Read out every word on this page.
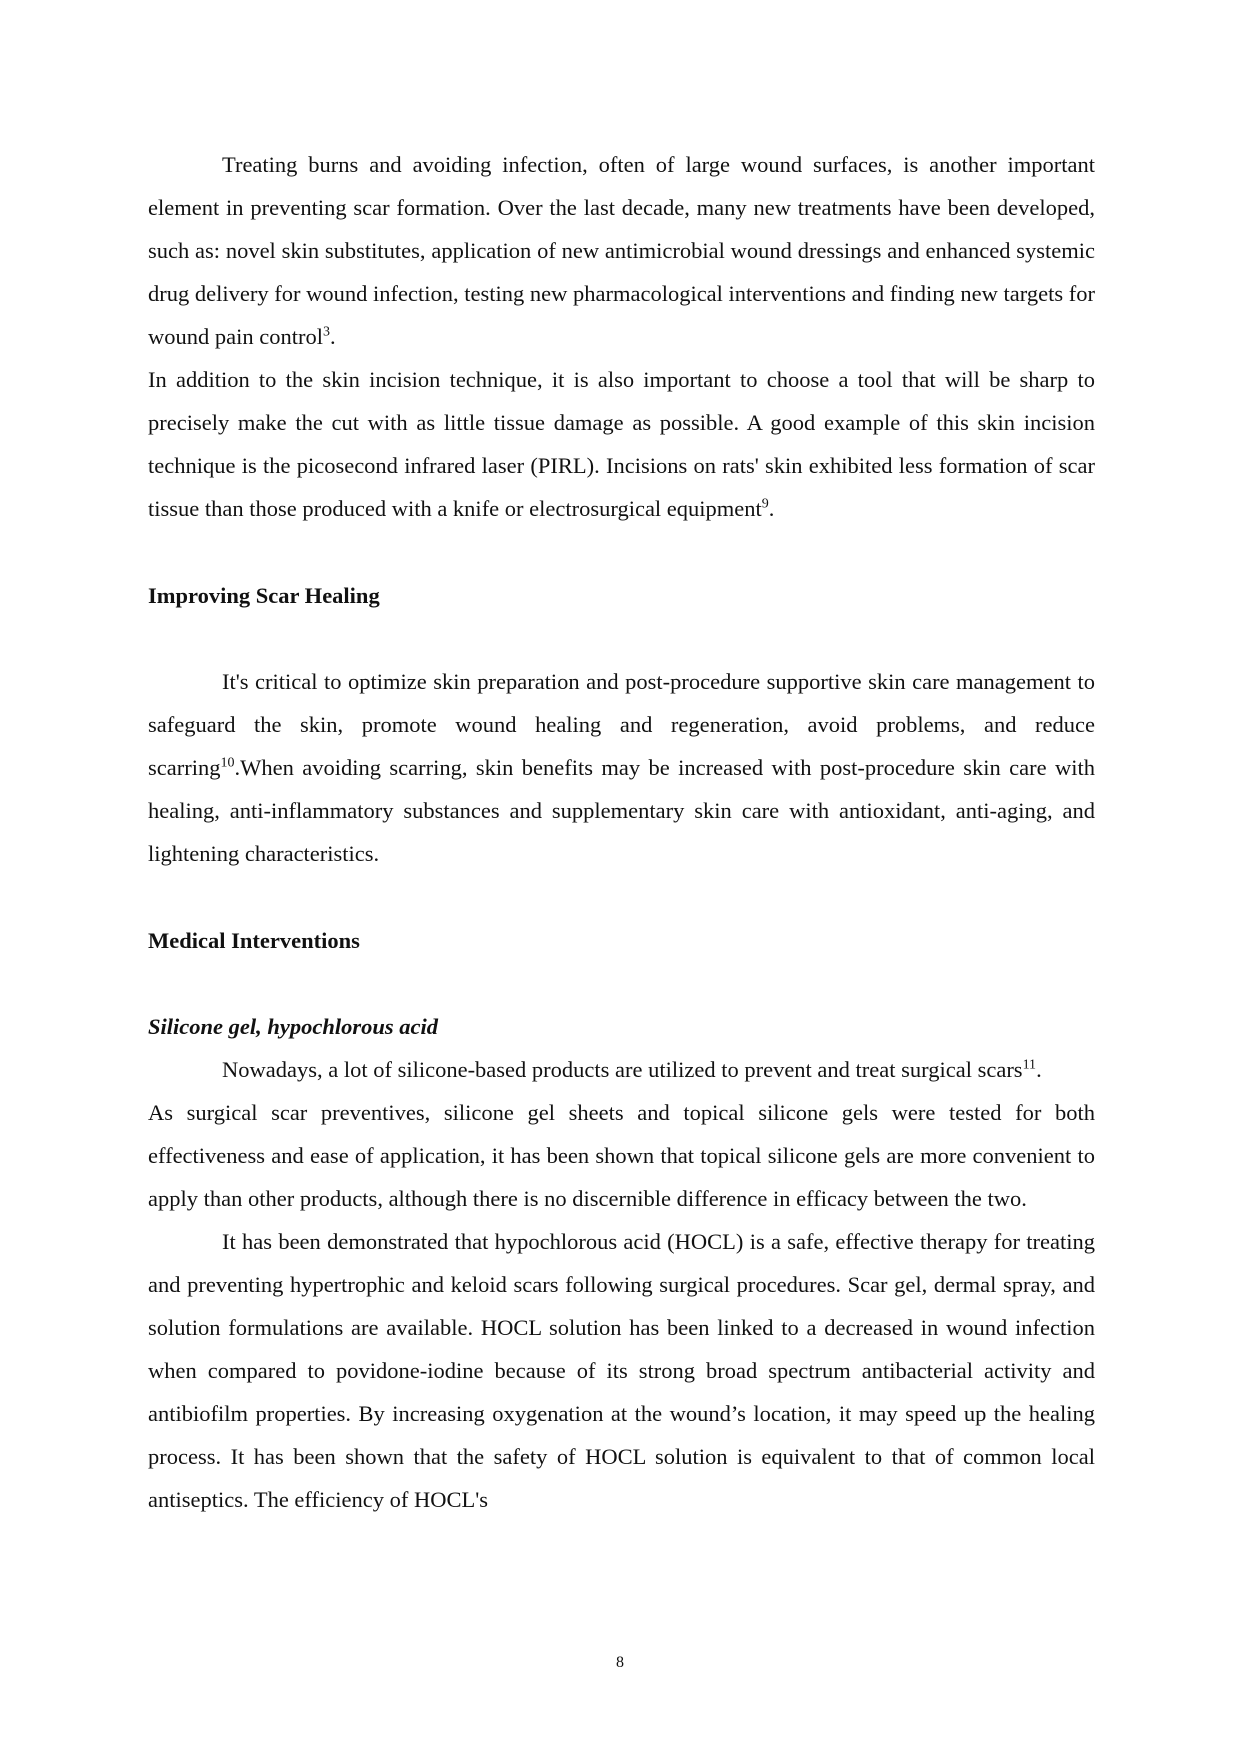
Treating burns and avoiding infection, often of large wound surfaces, is another important element in preventing scar formation. Over the last decade, many new treatments have been developed, such as: novel skin substitutes, application of new antimicrobial wound dressings and enhanced systemic drug delivery for wound infection, testing new pharmacological interventions and finding new targets for wound pain control$^3$.

In addition to the skin incision technique, it is also important to choose a tool that will be sharp to precisely make the cut with as little tissue damage as possible. A good example of this skin incision technique is the picosecond infrared laser (PIRL). Incisions on rats' skin exhibited less formation of scar tissue than those produced with a knife or electrosurgical equipment$^9$.

Improving Scar Healing

It's critical to optimize skin preparation and post-procedure supportive skin care management to safeguard the skin, promote wound healing and regeneration, avoid problems, and reduce scarring$^{10}$.When avoiding scarring, skin benefits may be increased with post-procedure skin care with healing, anti-inflammatory substances and supplementary skin care with antioxidant, anti-aging, and lightening characteristics.

Medical Interventions
Silicone gel, hypochlorous acid

Nowadays, a lot of silicone-based products are utilized to prevent and treat surgical scars$^{11}$.

As surgical scar preventives, silicone gel sheets and topical silicone gels were tested for both effectiveness and ease of application, it has been shown that topical silicone gels are more convenient to apply than other products, although there is no discernible difference in efficacy between the two.

It has been demonstrated that hypochlorous acid (HOCL) is a safe, effective therapy for treating and preventing hypertrophic and keloid scars following surgical procedures. Scar gel, dermal spray, and solution formulations are available. HOCL solution has been linked to a decreased in wound infection when compared to povidone-iodine because of its strong broad spectrum antibacterial activity and antibiofilm properties. By increasing oxygenation at the wound’s location, it may speed up the healing process. It has been shown that the safety of HOCL solution is equivalent to that of common local antiseptics. The efficiency of HOCL's

8
